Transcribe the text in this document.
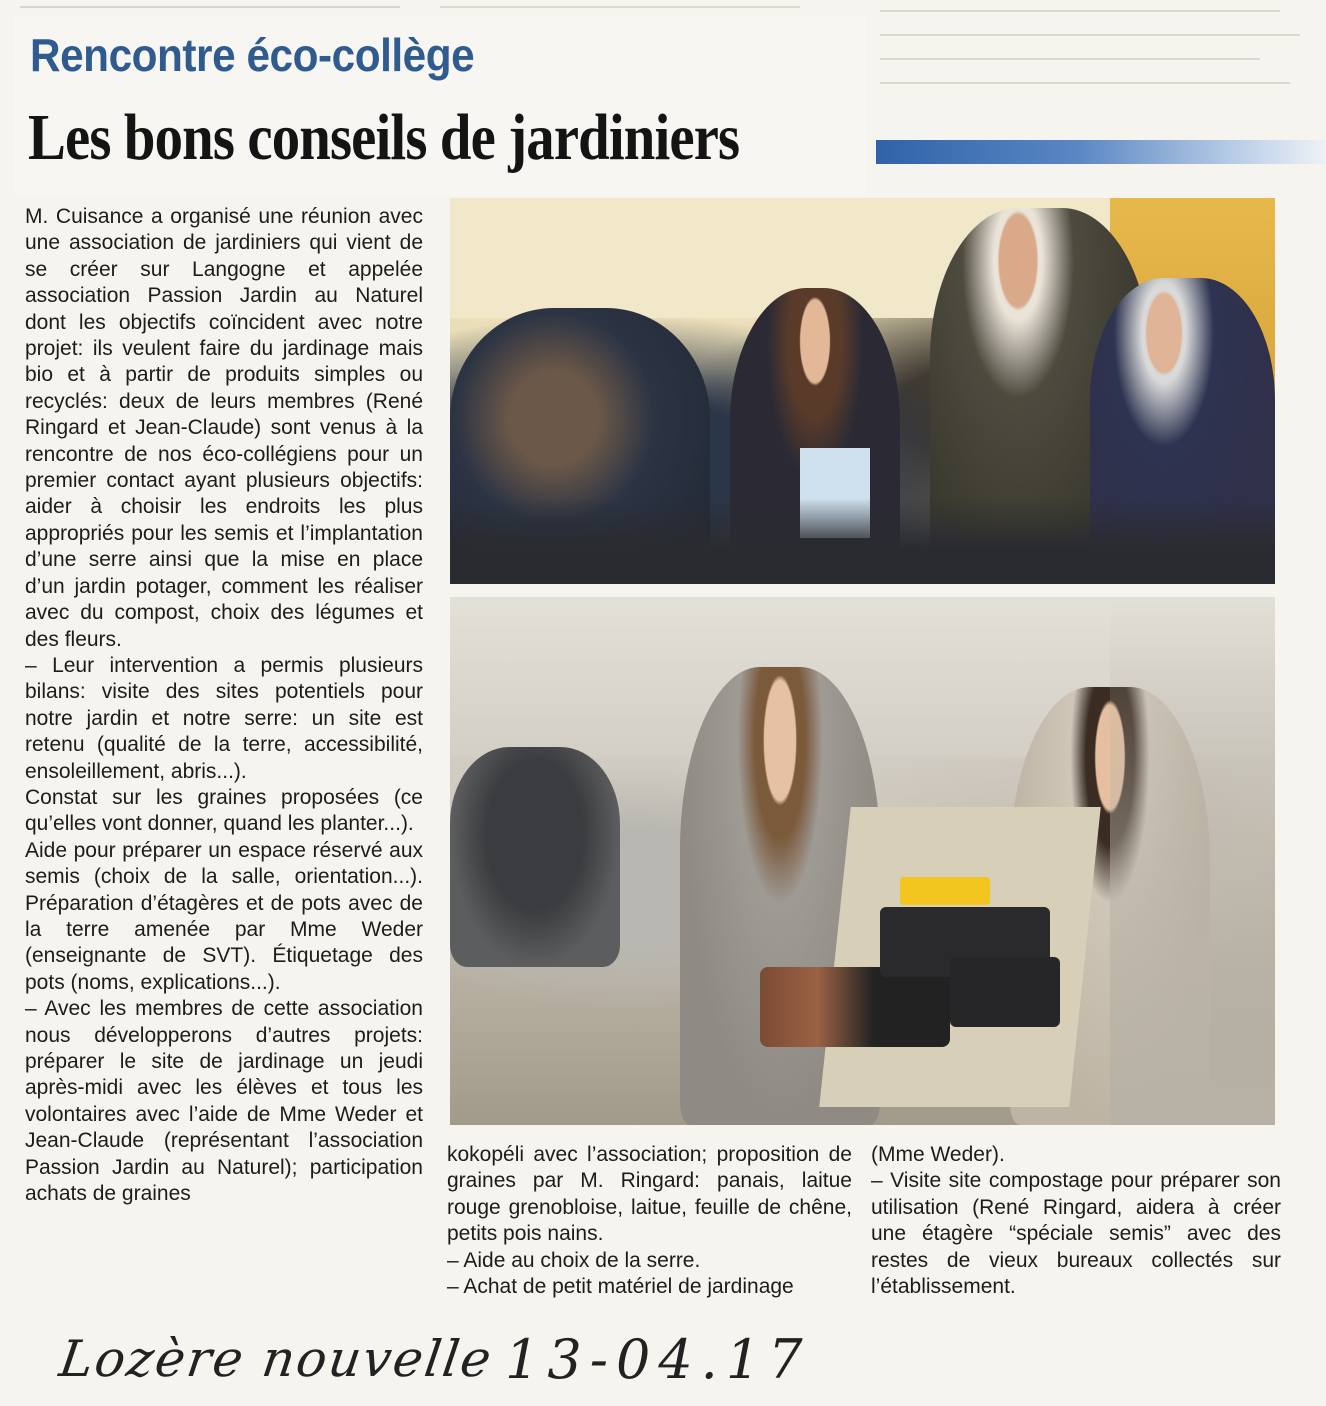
Rencontre éco-collège
Les bons conseils de jardiniers

M. Cuisance a organisé une réunion avec une association de jardiniers qui vient de se créer sur Langogne et appelée association Passion Jardin au Naturel dont les objectifs coïncident avec notre projet: ils veulent faire du jardinage mais bio et à partir de produits simples ou recyclés: deux de leurs membres (René Ringard et Jean-Claude) sont venus à la rencontre de nos éco-collégiens pour un premier contact ayant plusieurs objectifs: aider à choisir les endroits les plus appropriés pour les semis et l’implantation d’une serre ainsi que la mise en place d’un jardin potager, comment les réaliser avec du compost, choix des légumes et des fleurs.

– Leur intervention a permis plusieurs bilans: visite des sites potentiels pour notre jardin et notre serre: un site est retenu (qualité de la terre, accessibilité, ensoleillement, abris...).

Constat sur les graines proposées (ce qu’elles vont donner, quand les planter...).

Aide pour préparer un espace réservé aux semis (choix de la salle, orientation...). Préparation d’étagères et de pots avec de la terre amenée par Mme Weder (enseignante de SVT). Étiquetage des pots (noms, explications...).

– Avec les membres de cette association nous développerons d’autres projets: préparer le site de jardinage un jeudi après-midi avec les élèves et tous les volontaires avec l’aide de Mme Weder et Jean-Claude (représentant l’association Passion Jardin au Naturel); participation achats de graines

kokopéli avec l’association; proposition de graines par M. Ringard: panais, laitue rouge grenobloise, laitue, feuille de chêne, petits pois nains.

– Aide au choix de la serre.

– Achat de petit matériel de jardinage

(Mme Weder).

– Visite site compostage pour préparer son utilisation (René Ringard, aidera à créer une étagère “spéciale semis” avec des restes de vieux bureaux collectés sur l’établissement.

Lozère nouvelle 13-04.17
